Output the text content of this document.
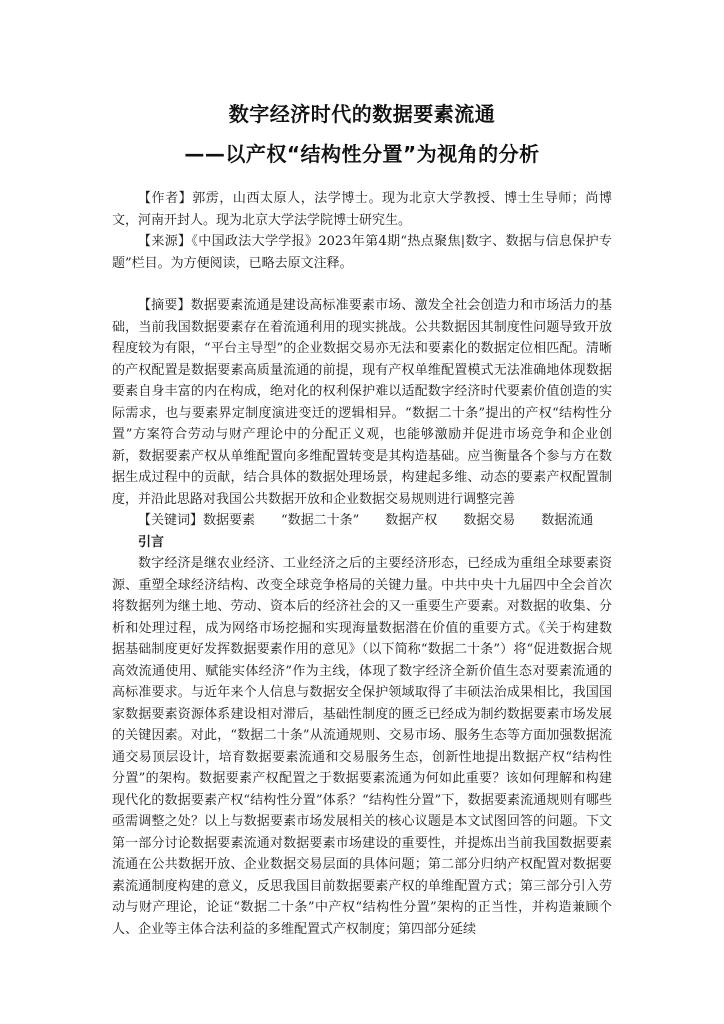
数字经济时代的数据要素流通
——以产权“结构性分置”为视角的分析

【作者】郭雳，山西太原人，法学博士。现为北京大学教授、博士生导师；尚博文，河南开封人。现为北京大学法学院博士研究生。

【来源】《中国政法大学学报》2023年第4期“热点聚焦|数字、数据与信息保护专题”栏目。为方便阅读，已略去原文注释。

【摘要】数据要素流通是建设高标准要素市场、激发全社会创造力和市场活力的基础，当前我国数据要素存在着流通利用的现实挑战。公共数据因其制度性问题导致开放程度较为有限，“平台主导型”的企业数据交易亦无法和要素化的数据定位相匹配。清晰的产权配置是数据要素高质量流通的前提，现有产权单维配置模式无法准确地体现数据要素自身丰富的内在构成，绝对化的权利保护难以适配数字经济时代要素价值创造的实际需求，也与要素界定制度演进变迁的逻辑相异。“数据二十条”提出的产权“结构性分置”方案符合劳动与财产理论中的分配正义观，也能够激励并促进市场竞争和企业创新，数据要素产权从单维配置向多维配置转变是其构造基础。应当衡量各个参与方在数据生成过程中的贡献，结合具体的数据处理场景，构建起多维、动态的要素产权配置制度，并沿此思路对我国公共数据开放和企业数据交易规则进行调整完善

【关键词】数据要素　　“数据二十条”　　数据产权　　数据交易　　数据流通

引言

数字经济是继农业经济、工业经济之后的主要经济形态，已经成为重组全球要素资源、重塑全球经济结构、改变全球竞争格局的关键力量。中共中央十九届四中全会首次将数据列为继土地、劳动、资本后的经济社会的又一重要生产要素。对数据的收集、分析和处理过程，成为网络市场挖掘和实现海量数据潜在价值的重要方式。《关于构建数据基础制度更好发挥数据要素作用的意见》（以下简称“数据二十条”）将“促进数据合规高效流通使用、赋能实体经济”作为主线，体现了数字经济全新价值生态对要素流通的高标准要求。与近年来个人信息与数据安全保护领域取得了丰硕法治成果相比，我国国家数据要素资源体系建设相对滞后，基础性制度的匮乏已经成为制约数据要素市场发展的关键因素。对此，“数据二十条”从流通规则、交易市场、服务生态等方面加强数据流通交易顶层设计，培育数据要素流通和交易服务生态，创新性地提出数据产权“结构性分置”的架构。数据要素产权配置之于数据要素流通为何如此重要？该如何理解和构建现代化的数据要素产权“结构性分置”体系？“结构性分置”下，数据要素流通规则有哪些亟需调整之处？以上与数据要素市场发展相关的核心议题是本文试图回答的问题。下文第一部分讨论数据要素流通对数据要素市场建设的重要性，并提炼出当前我国数据要素流通在公共数据开放、企业数据交易层面的具体问题；第二部分归纳产权配置对数据要素流通制度构建的意义，反思我国目前数据要素产权的单维配置方式；第三部分引入劳动与财产理论，论证“数据二十条”中产权“结构性分置”架构的正当性，并构造兼顾个人、企业等主体合法利益的多维配置式产权制度；第四部分延续
